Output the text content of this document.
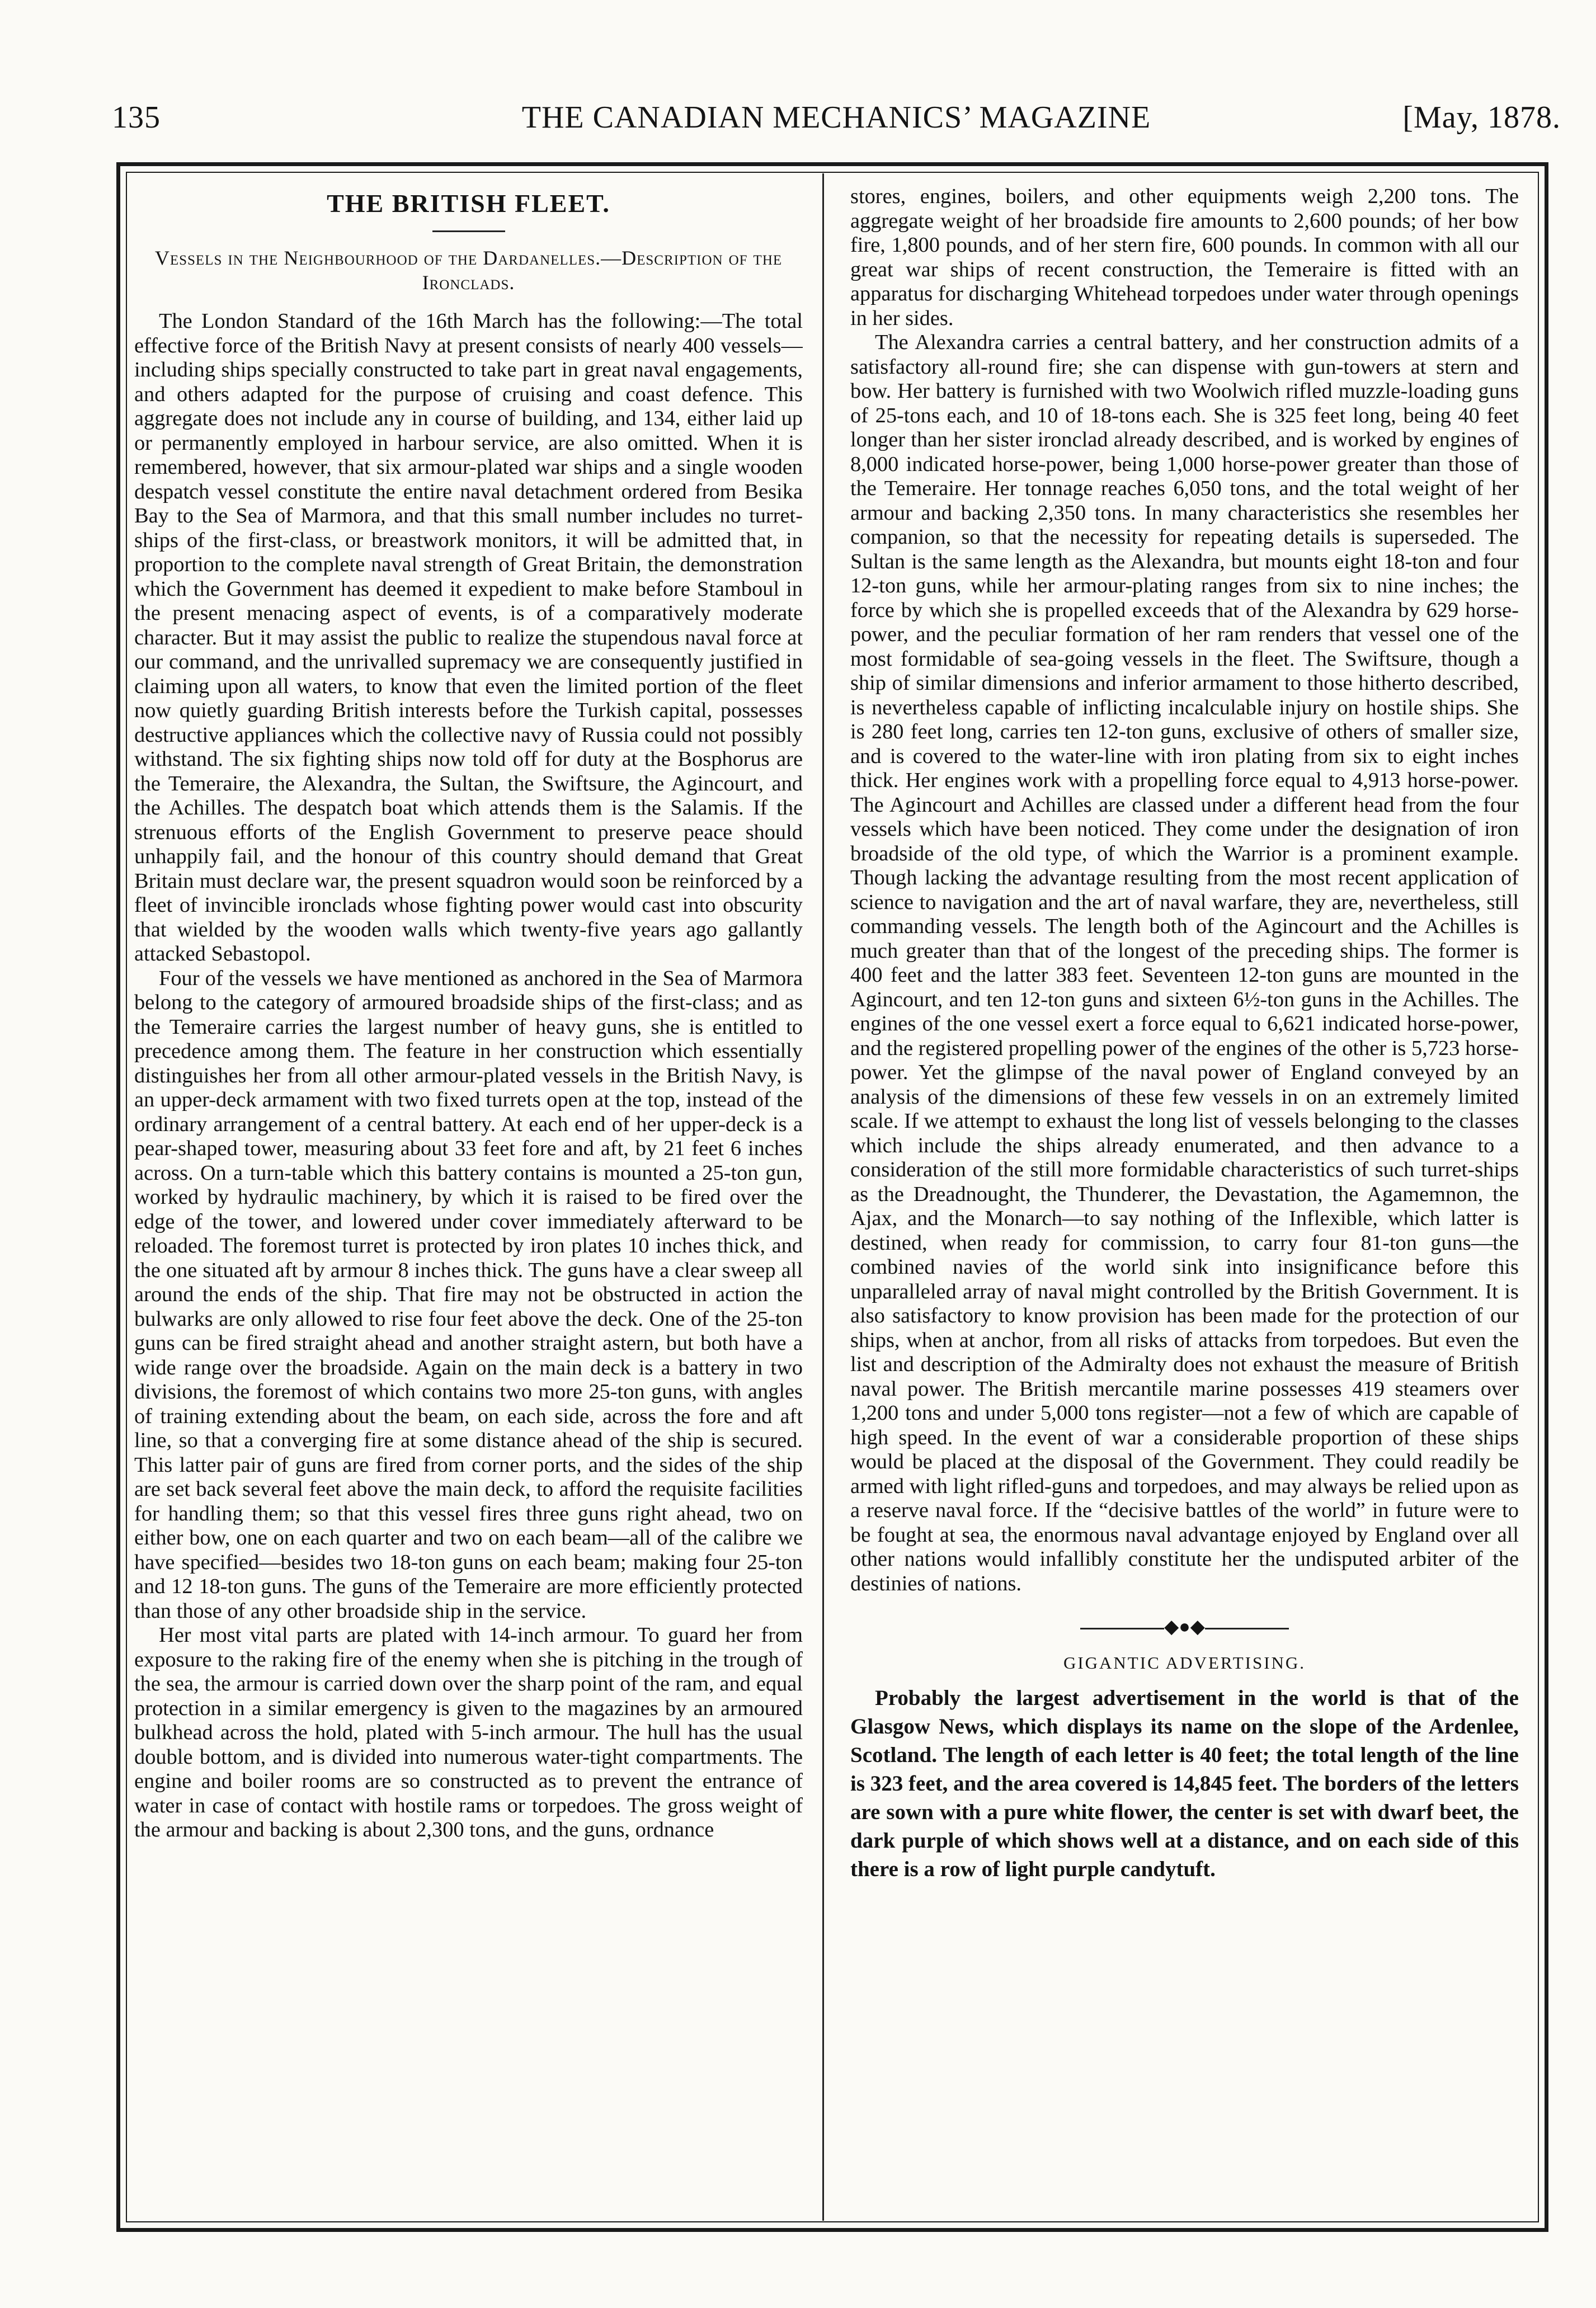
135	THE CANADIAN MECHANICS’ MAGAZINE	[May, 1878.
THE BRITISH FLEET.
Vessels in the Neighbourhood of the Dardanelles.—Description of the Ironclads.

The London Standard of the 16th March has the following:—The total effective force of the British Navy at present consists of nearly 400 vessels—including ships specially constructed to take part in great naval engagements, and others adapted for the purpose of cruising and coast defence. This aggregate does not include any in course of building, and 134, either laid up or permanently employed in harbour service, are also omitted. When it is remembered, however, that six armour-plated war ships and a single wooden despatch vessel constitute the entire naval detachment ordered from Besika Bay to the Sea of Marmora, and that this small number includes no turret-ships of the first-class, or breastwork monitors, it will be admitted that, in proportion to the complete naval strength of Great Britain, the demonstration which the Government has deemed it expedient to make before Stamboul in the present menacing aspect of events, is of a comparatively moderate character. But it may assist the public to realize the stupendous naval force at our command, and the unrivalled supremacy we are consequently justified in claiming upon all waters, to know that even the limited portion of the fleet now quietly guarding British interests before the Turkish capital, possesses destructive appliances which the collective navy of Russia could not possibly withstand. The six fighting ships now told off for duty at the Bosphorus are the Temeraire, the Alexandra, the Sultan, the Swiftsure, the Agincourt, and the Achilles. The despatch boat which attends them is the Salamis. If the strenuous efforts of the English Government to preserve peace should unhappily fail, and the honour of this country should demand that Great Britain must declare war, the present squadron would soon be reinforced by a fleet of invincible ironclads whose fighting power would cast into obscurity that wielded by the wooden walls which twenty-five years ago gallantly attacked Sebastopol.

Four of the vessels we have mentioned as anchored in the Sea of Marmora belong to the category of armoured broadside ships of the first-class; and as the Temeraire carries the largest number of heavy guns, she is entitled to precedence among them. The feature in her construction which essentially distinguishes her from all other armour-plated vessels in the British Navy, is an upper-deck armament with two fixed turrets open at the top, instead of the ordinary arrangement of a central battery. At each end of her upper-deck is a pear-shaped tower, measuring about 33 feet fore and aft, by 21 feet 6 inches across. On a turn-table which this battery contains is mounted a 25-ton gun, worked by hydraulic machinery, by which it is raised to be fired over the edge of the tower, and lowered under cover immediately afterward to be reloaded. The foremost turret is protected by iron plates 10 inches thick, and the one situated aft by armour 8 inches thick. The guns have a clear sweep all around the ends of the ship. That fire may not be obstructed in action the bulwarks are only allowed to rise four feet above the deck. One of the 25-ton guns can be fired straight ahead and another straight astern, but both have a wide range over the broadside. Again on the main deck is a battery in two divisions, the foremost of which contains two more 25-ton guns, with angles of training extending about the beam, on each side, across the fore and aft line, so that a converging fire at some distance ahead of the ship is secured. This latter pair of guns are fired from corner ports, and the sides of the ship are set back several feet above the main deck, to afford the requisite facilities for handling them; so that this vessel fires three guns right ahead, two on either bow, one on each quarter and two on each beam—all of the calibre we have specified—besides two 18-ton guns on each beam; making four 25-ton and 12 18-ton guns. The guns of the Temeraire are more efficiently protected than those of any other broadside ship in the service.

Her most vital parts are plated with 14-inch armour. To guard her from exposure to the raking fire of the enemy when she is pitching in the trough of the sea, the armour is carried down over the sharp point of the ram, and equal protection in a similar emergency is given to the magazines by an armoured bulkhead across the hold, plated with 5-inch armour. The hull has the usual double bottom, and is divided into numerous water-tight compartments. The engine and boiler rooms are so constructed as to prevent the entrance of water in case of contact with hostile rams or torpedoes. The gross weight of the armour and backing is about 2,300 tons, and the guns, ordnance

stores, engines, boilers, and other equipments weigh 2,200 tons. The aggregate weight of her broadside fire amounts to 2,600 pounds; of her bow fire, 1,800 pounds, and of her stern fire, 600 pounds. In common with all our great war ships of recent construction, the Temeraire is fitted with an apparatus for discharging Whitehead torpedoes under water through openings in her sides.

The Alexandra carries a central battery, and her construction admits of a satisfactory all-round fire; she can dispense with gun-towers at stern and bow. Her battery is furnished with two Woolwich rifled muzzle-loading guns of 25-tons each, and 10 of 18-tons each. She is 325 feet long, being 40 feet longer than her sister ironclad already described, and is worked by engines of 8,000 indicated horse-power, being 1,000 horse-power greater than those of the Temeraire. Her tonnage reaches 6,050 tons, and the total weight of her armour and backing 2,350 tons. In many characteristics she resembles her companion, so that the necessity for repeating details is superseded. The Sultan is the same length as the Alexandra, but mounts eight 18-ton and four 12-ton guns, while her armour-plating ranges from six to nine inches; the force by which she is propelled exceeds that of the Alexandra by 629 horse-power, and the peculiar formation of her ram renders that vessel one of the most formidable of sea-going vessels in the fleet. The Swiftsure, though a ship of similar dimensions and inferior armament to those hitherto described, is nevertheless capable of inflicting incalculable injury on hostile ships. She is 280 feet long, carries ten 12-ton guns, exclusive of others of smaller size, and is covered to the water-line with iron plating from six to eight inches thick. Her engines work with a propelling force equal to 4,913 horse-power. The Agincourt and Achilles are classed under a different head from the four vessels which have been noticed. They come under the designation of iron broadside of the old type, of which the Warrior is a prominent example. Though lacking the advantage resulting from the most recent application of science to navigation and the art of naval warfare, they are, nevertheless, still commanding vessels. The length both of the Agincourt and the Achilles is much greater than that of the longest of the preceding ships. The former is 400 feet and the latter 383 feet. Seventeen 12-ton guns are mounted in the Agincourt, and ten 12-ton guns and sixteen 6½-ton guns in the Achilles. The engines of the one vessel exert a force equal to 6,621 indicated horse-power, and the registered propelling power of the engines of the other is 5,723 horse-power. Yet the glimpse of the naval power of England conveyed by an analysis of the dimensions of these few vessels in on an extremely limited scale. If we attempt to exhaust the long list of vessels belonging to the classes which include the ships already enumerated, and then advance to a consideration of the still more formidable characteristics of such turret-ships as the Dreadnought, the Thunderer, the Devastation, the Agamemnon, the Ajax, and the Monarch—to say nothing of the Inflexible, which latter is destined, when ready for commission, to carry four 81-ton guns—the combined navies of the world sink into insignificance before this unparalleled array of naval might controlled by the British Government. It is also satisfactory to know provision has been made for the protection of our ships, when at anchor, from all risks of attacks from torpedoes. But even the list and description of the Admiralty does not exhaust the measure of British naval power. The British mercantile marine possesses 419 steamers over 1,200 tons and under 5,000 tons register—not a few of which are capable of high speed. In the event of war a considerable proportion of these ships would be placed at the disposal of the Government. They could readily be armed with light rifled-guns and torpedoes, and may always be relied upon as a reserve naval force. If the “decisive battles of the world” in future were to be fought at sea, the enormous naval advantage enjoyed by England over all other nations would infallibly constitute her the undisputed arbiter of the destinies of nations.

◆●◆
GIGANTIC ADVERTISING.

Probably the largest advertisement in the world is that of the Glasgow News, which displays its name on the slope of the Ardenlee, Scotland. The length of each letter is 40 feet; the total length of the line is 323 feet, and the area covered is 14,845 feet. The borders of the letters are sown with a pure white flower, the center is set with dwarf beet, the dark purple of which shows well at a distance, and on each side of this there is a row of light purple candytuft.
